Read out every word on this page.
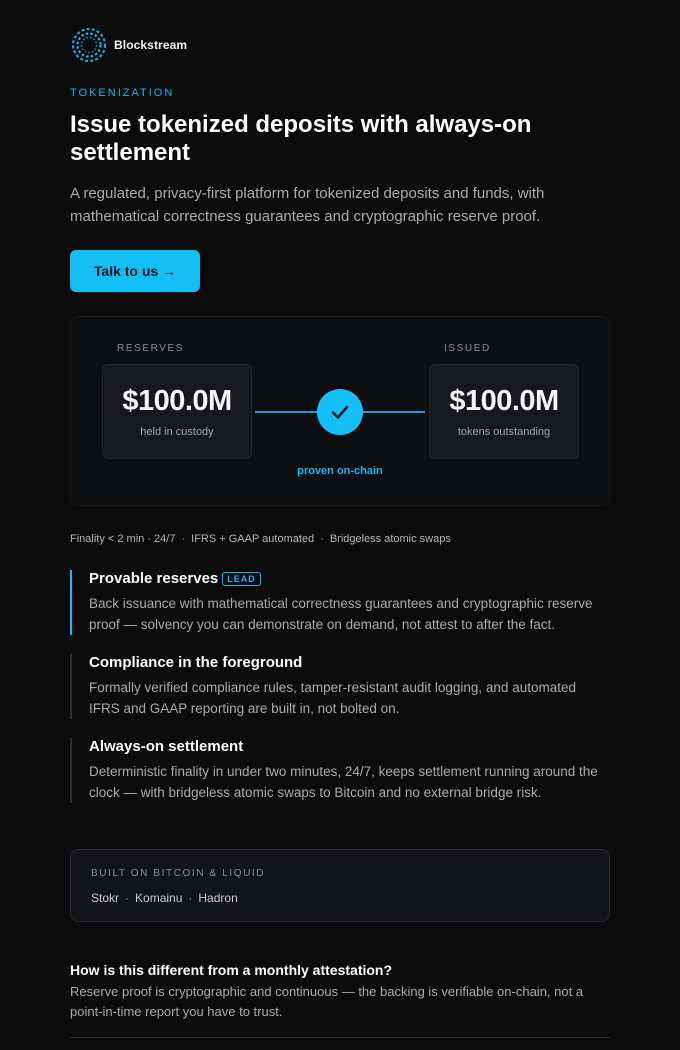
Blockstream
TOKENIZATION
Issue tokenized deposits with always-on settlement

A regulated, privacy-first platform for tokenized deposits and funds, with mathematical correctness guarantees and cryptographic reserve proof.

Talk to us →
RESERVES	ISSUED
$100.0M
held in custody
$100.0M
tokens outstanding
proven on-chain
Finality < 2 min · 24/7 · IFRS + GAAP automated · Bridgeless atomic swaps
Provable reserves	LEAD
Back issuance with mathematical correctness guarantees and cryptographic reserve proof — solvency you can demonstrate on demand, not attest to after the fact.
Compliance in the foreground
Formally verified compliance rules, tamper-resistant audit logging, and automated IFRS and GAAP reporting are built in, not bolted on.
Always-on settlement
Deterministic finality in under two minutes, 24/7, keeps settlement running around the clock — with bridgeless atomic swaps to Bitcoin and no external bridge risk.
BUILT ON BITCOIN & LIQUID
Stokr · Komainu · Hadron
How is this different from a monthly attestation?
Reserve proof is cryptographic and continuous — the backing is verifiable on-chain, not a point-in-time report you have to trust.
